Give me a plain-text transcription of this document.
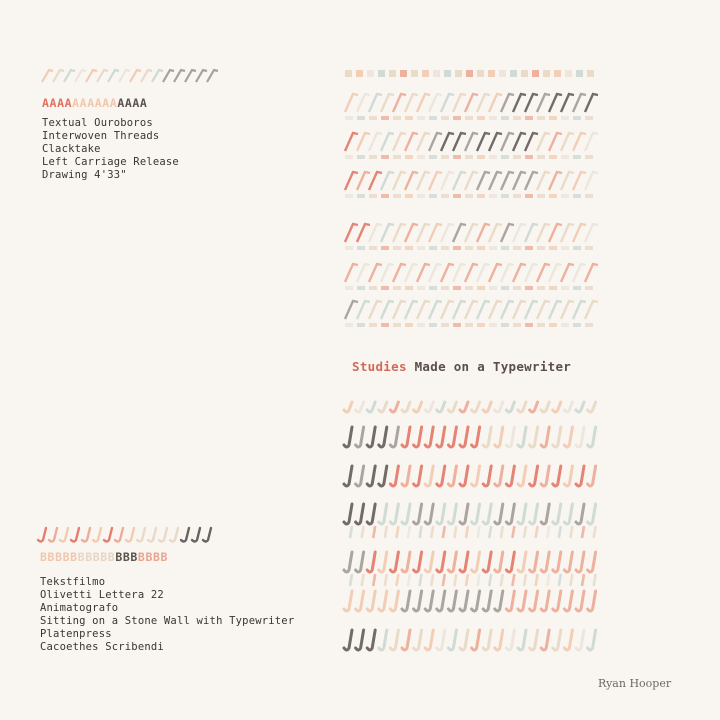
AAAAAAAAAAAAAA
Textual Ouroboros
Interwoven Threads
Clacktake
Left Carriage Release
Drawing 4'33"
BBBBBBBBBBBBBBBBB
Tekstfilmo
Olivetti Lettera 22
Animatografo
Sitting on a Stone Wall with Typewriter
Platenpress
Cacoethes Scribendi

Studies Made on a Typewriter

Ryan Hooper
